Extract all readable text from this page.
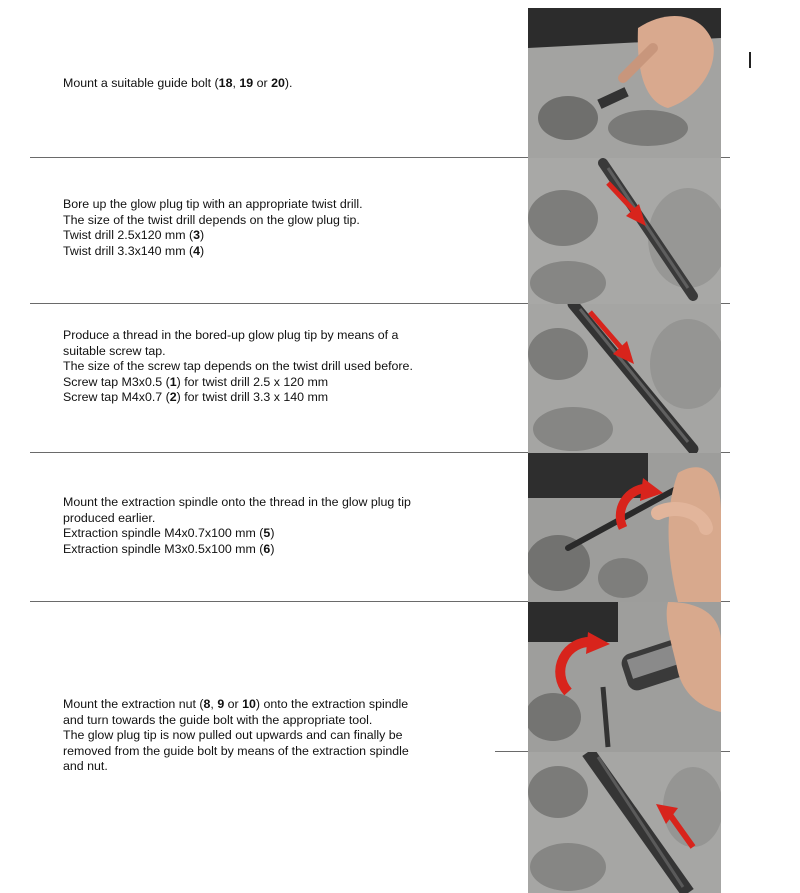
Mount a suitable guide bolt (18, 19 or 20).

Bore up the glow plug tip with an appropriate twist drill.

The size of the twist drill depends on the glow plug tip.

Twist drill 2.5x120 mm (3)

Twist drill 3.3x140 mm (4)

Produce a thread in the bored-up glow plug tip by means of a

suitable screw tap.

The size of the screw tap depends on the twist drill used before.

Screw tap M3x0.5 (1) for twist drill 2.5 x 120 mm

Screw tap M4x0.7 (2) for twist drill 3.3 x 140 mm

Mount the extraction spindle onto the thread in the glow plug tip

produced earlier.

Extraction spindle M4x0.7x100 mm (5)

Extraction spindle M3x0.5x100 mm (6)

Mount the extraction nut (8, 9 or 10) onto the extraction spindle

and turn towards the guide bolt with the appropriate tool.

The glow plug tip is now pulled out upwards and can finally be

removed from the guide bolt by means of the extraction spindle

and nut.
